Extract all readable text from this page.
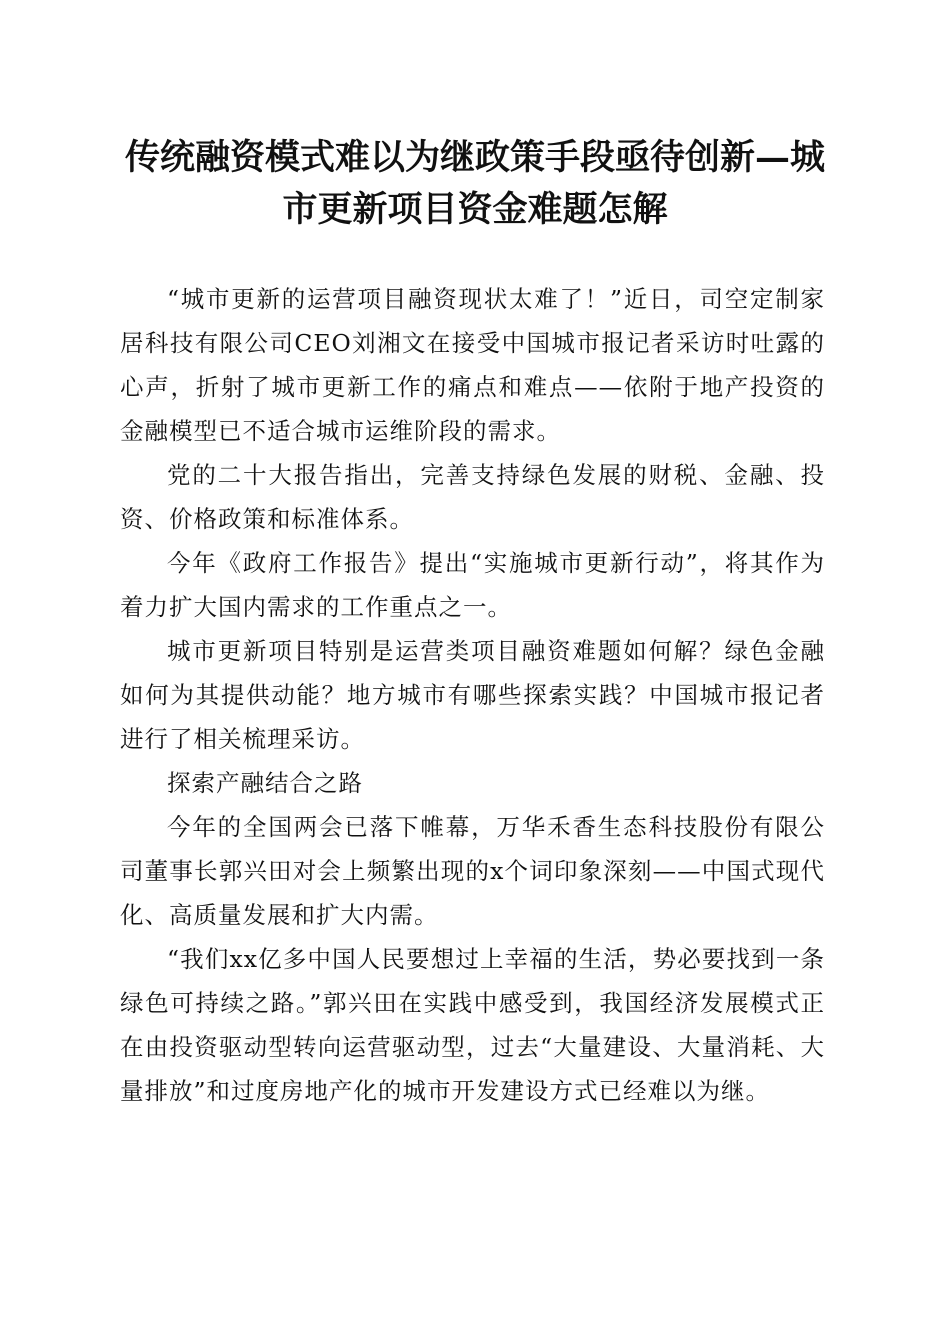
传统融资模式难以为继政策手段亟待创新—城
市更新项目资金难题怎解

“城市更新的运营项目融资现状太难了！”近日，司空定制家居科技有限公司CEO刘湘文在接受中国城市报记者采访时吐露的心声，折射了城市更新工作的痛点和难点——依附于地产投资的金融模型已不适合城市运维阶段的需求。

党的二十大报告指出，完善支持绿色发展的财税、金融、投资、价格政策和标准体系。

今年《政府工作报告》提出“实施城市更新行动”，将其作为着力扩大国内需求的工作重点之一。

城市更新项目特别是运营类项目融资难题如何解？绿色金融如何为其提供动能？地方城市有哪些探索实践？中国城市报记者进行了相关梳理采访。

探索产融结合之路

今年的全国两会已落下帷幕，万华禾香生态科技股份有限公司董事长郭兴田对会上频繁出现的x个词印象深刻——中国式现代化、高质量发展和扩大内需。

“我们xx亿多中国人民要想过上幸福的生活，势必要找到一条绿色可持续之路。”郭兴田在实践中感受到，我国经济发展模式正在由投资驱动型转向运营驱动型，过去“大量建设、大量消耗、大量排放”和过度房地产化的城市开发建设方式已经难以为继。
